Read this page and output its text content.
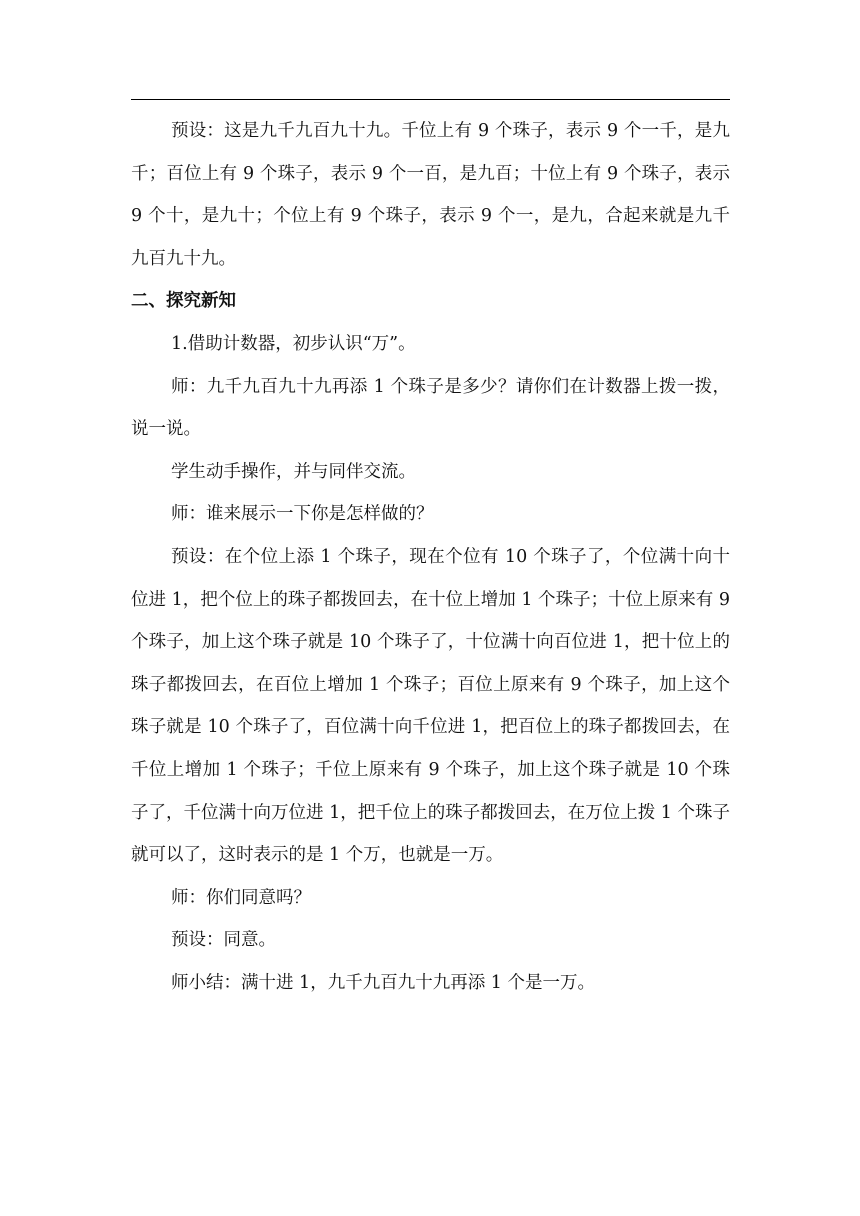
预设：这是九千九百九十九。千位上有 9 个珠子，表示 9 个一千，是九千；百位上有 9 个珠子，表示 9 个一百，是九百；十位上有 9 个珠子，表示 9 个十，是九十；个位上有 9 个珠子，表示 9 个一，是九，合起来就是九千九百九十九。

二、探究新知

1.借助计数器，初步认识“万”。

师：九千九百九十九再添 1 个珠子是多少？请你们在计数器上拨一拨，说一说。

学生动手操作，并与同伴交流。

师：谁来展示一下你是怎样做的？

预设：在个位上添 1 个珠子，现在个位有 10 个珠子了，个位满十向十位进 1，把个位上的珠子都拨回去，在十位上增加 1 个珠子；十位上原来有 9 个珠子，加上这个珠子就是 10 个珠子了，十位满十向百位进 1，把十位上的珠子都拨回去，在百位上增加 1 个珠子；百位上原来有 9 个珠子，加上这个珠子就是 10 个珠子了，百位满十向千位进 1，把百位上的珠子都拨回去，在千位上增加 1 个珠子；千位上原来有 9 个珠子，加上这个珠子就是 10 个珠子了，千位满十向万位进 1，把千位上的珠子都拨回去，在万位上拨 1 个珠子就可以了，这时表示的是 1 个万，也就是一万。

师：你们同意吗？

预设：同意。

师小结：满十进 1，九千九百九十九再添 1 个是一万。
